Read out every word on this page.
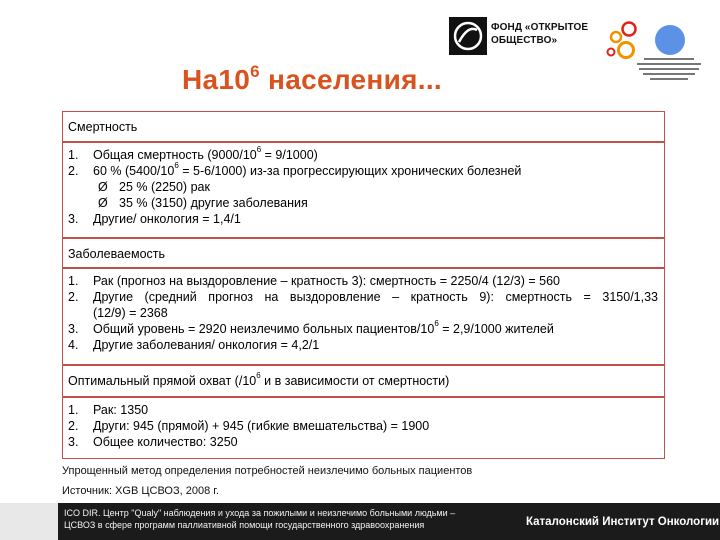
ФОНД «ОТКРЫТОЕ
ОБЩЕСТВО»
$На10^6$ населения...
Смертность
1. Общая смертность $(9000/10^6 = 9/1000)$
2. 60 % $(5400/10^6 = 5-6/1000)$ из-за прогрессирующих хронических болезней
Ø 25 % (2250) рак
Ø 35 % (3150) другие заболевания
3. Другие/ онкология = 1,4/1
Заболеваемость
1. Рак (прогноз на выздоровление – кратность 3): смертность = 2250/4 (12/3) = 560
2. Другие (средний прогноз на выздоровление – кратность 9): смертность = 3150/1,33
(12/9) = 2368
3. Общий уровень = 2920 неизлечимо больных пациентов/$10^6 = 2,9/1000$ жителей
4. Другие заболевания/ онкология = 4,2/1
Оптимальный прямой охват ($/10^6$ и в зависимости от смертности)
1. Рак: 1350
2. Други: 945 (прямой) + 945 (гибкие вмешательства) = 1900
3. Общее количество: 3250
Упрощенный метод определения потребностей неизлечимо больных пациентов
Источник: XGB ЦСВОЗ, 2008 г.
ICO DIR. Центр "Qualy" наблюдения и ухода за пожилыми и неизлечимо больными людьми –
ЦСВОЗ в сфере программ паллиативной помощи государственного здравоохранения	Каталонский Институт Онкологии
